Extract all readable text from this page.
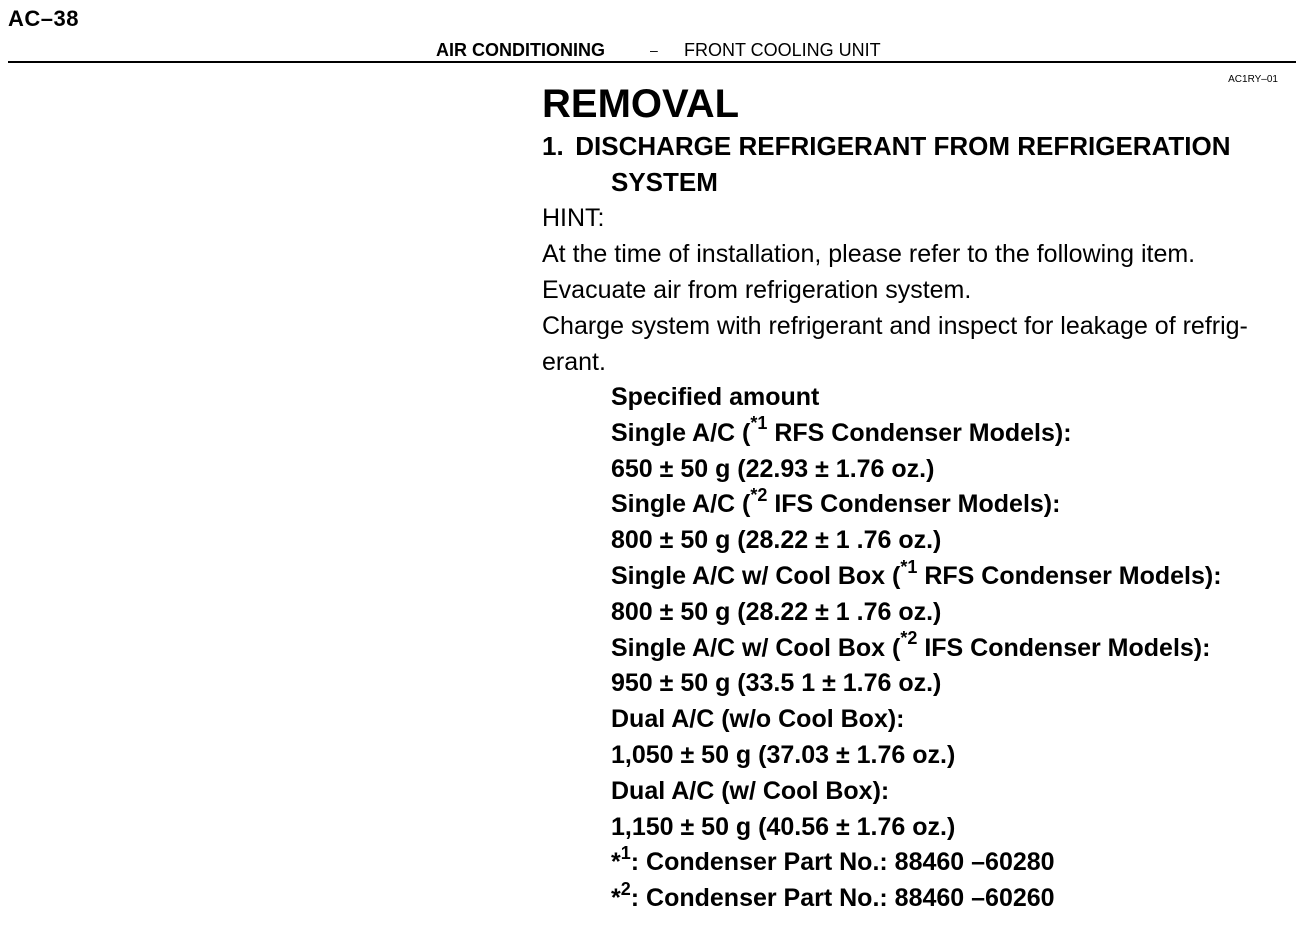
AC–38
AIR CONDITIONING	– FRONT COOLING UNIT
AC1RY–01
REMOVAL
1. DISCHARGE REFRIGERANT FROM REFRIGERATION
SYSTEM
HINT:
At the time of installation, please refer to the following item.
Evacuate air from refrigeration system.
Charge system with refrigerant and inspect for leakage of refrig-
erant.
Specified amount
Single A/C ($^{*1}$ RFS Condenser Models):
650 ± 50 g (22.93 ± 1.76 oz.)
Single A/C ($^{*2}$ IFS Condenser Models):
800 ± 50 g (28.22 ± 1 .76 oz.)
Single A/C w/ Cool Box ($^{*1}$ RFS Condenser Models):
800 ± 50 g (28.22 ± 1 .76 oz.)
Single A/C w/ Cool Box ($^{*2}$ IFS Condenser Models):
950 ± 50 g (33.5 1 ± 1.76 oz.)
Dual A/C (w/o Cool Box):
1,050 ± 50 g (37.03 ± 1.76 oz.)
Dual A/C (w/ Cool Box):
1,150 ± 50 g (40.56 ± 1.76 oz.)
*$^1$: Condenser Part No.: 88460 –60280
*$^2$: Condenser Part No.: 88460 –60260
